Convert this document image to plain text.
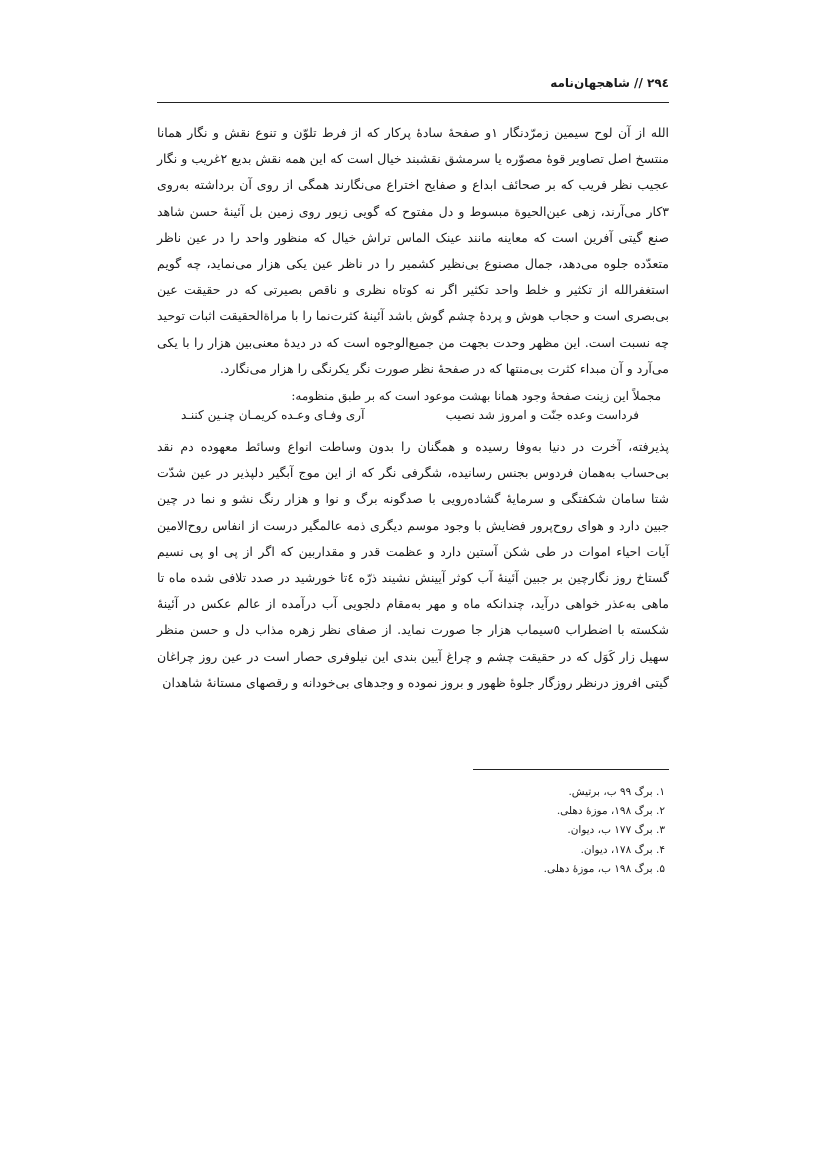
۲۹٤ // شاهجهان‌نامه

الله از آن لوح سیمین زمرّدنگار ۱و صفحهٔ سادهٔ پرکار که از فرط تلوّن و تنوع نقش و نگار همانا منتسخ اصل تصاویر قوهٔ مصوّره یا سرمشق نقشبند خیال است که این همه نقش بدیع ۲غریب و نگار عجیب نظر فریب که بر صحائف ابداع و صفایح اختراع می‌نگارند همگی از روی آن برداشته به‌روی ۳کار می‌آرند، زهی عین‌الحیوة مبسوط و دل مفتوح که گویی زیور روی زمین بل آئینهٔ حسن شاهد صنع گیتی آفرین است که معاینه مانند عینک الماس تراش خیال که منظور واحد را در عین ناظر متعدّده جلوه می‌دهد، جمال مصنوع بی‌نظیر کشمیر را در ناظر عین یکی هزار می‌نماید، چه گویم استغفرالله از تکثیر و خلط واحد تکثیر اگر نه کوتاه نظری و ناقص بصیرتی که در حقیقت عین بی‌بصری است و حجاب هوش و پردهٔ چشم گوش باشد آئینهٔ کثرت‌نما را با مراةالحقیقت اثبات توحید چه نسبت است. این مظهر وحدت بجهت من جمیع‌الوجوه است که در دیدهٔ معنی‌بین هزار را با یکی می‌آرد و آن مبداء کثرت بی‌منتها که در صفحهٔ نظر صورت نگر یکرنگی را هزار می‌نگارد.

مجملاً این زینت صفحهٔ وجود همانا بهشت موعود است که بر طبق منظومه:
فرداست وعده جنّت و امروز شد نصیب
آری وفـای وعـده کریمـان چنـین کننـد

پذیرفته، آخرت در دنیا به‌وفا رسیده و همگنان را بدون وساطت انواع وسائط معهوده دم نقد بی‌حساب به‌همان فردوس بجنس رسانیده، شگرفی نگر که از این موج آبگیر دلپذیر در عین شدّت شتا سامان شکفتگی و سرمایهٔ گشاده‌رویی با صدگونه برگ و نوا و هزار رنگ نشو و نما در چین جبین دارد و هوای روح‌پرور فضایش با وجود موسم دیگری ذمه عالمگیر درست از انفاس روح‌الامین آیات احیاء اموات در طی شکن آستین دارد و عظمت قدر و مقداربین که اگر از پی او پی نسیم گستاخ روز نگارچین بر جبین آئینهٔ آب کوثر آیینش نشیند ذرّه ٤تا خورشید در صدد تلافی شده ماه تا ماهی به‌عذر خواهی درآید، چندانکه ماه و مهر به‌مقام دلجویی آب درآمده از عالم عکس در آئینهٔ شکسته با اضطراب ٥سیماب هزار جا صورت نماید. از صفای نظر زهره مذاب دل و حسن منظر سهیل زار کَوَل که در حقیقت چشم و چراغ آیین بندی این نیلوفری حصار است در عین روز چراغان گیتی افروز درنظر روزگار جلوهٔ ظهور و بروز نموده و وجدهای بی‌خودانه و رقصهای مستانهٔ شاهدان

۱. برگ ۹۹ ب، برتیش.
۲. برگ ۱۹۸، موزهٔ دهلی.
۳. برگ ۱۷۷ ب، دیوان.
۴. برگ ۱۷۸، دیوان.
۵. برگ ۱۹۸ ب، موزهٔ دهلی.
